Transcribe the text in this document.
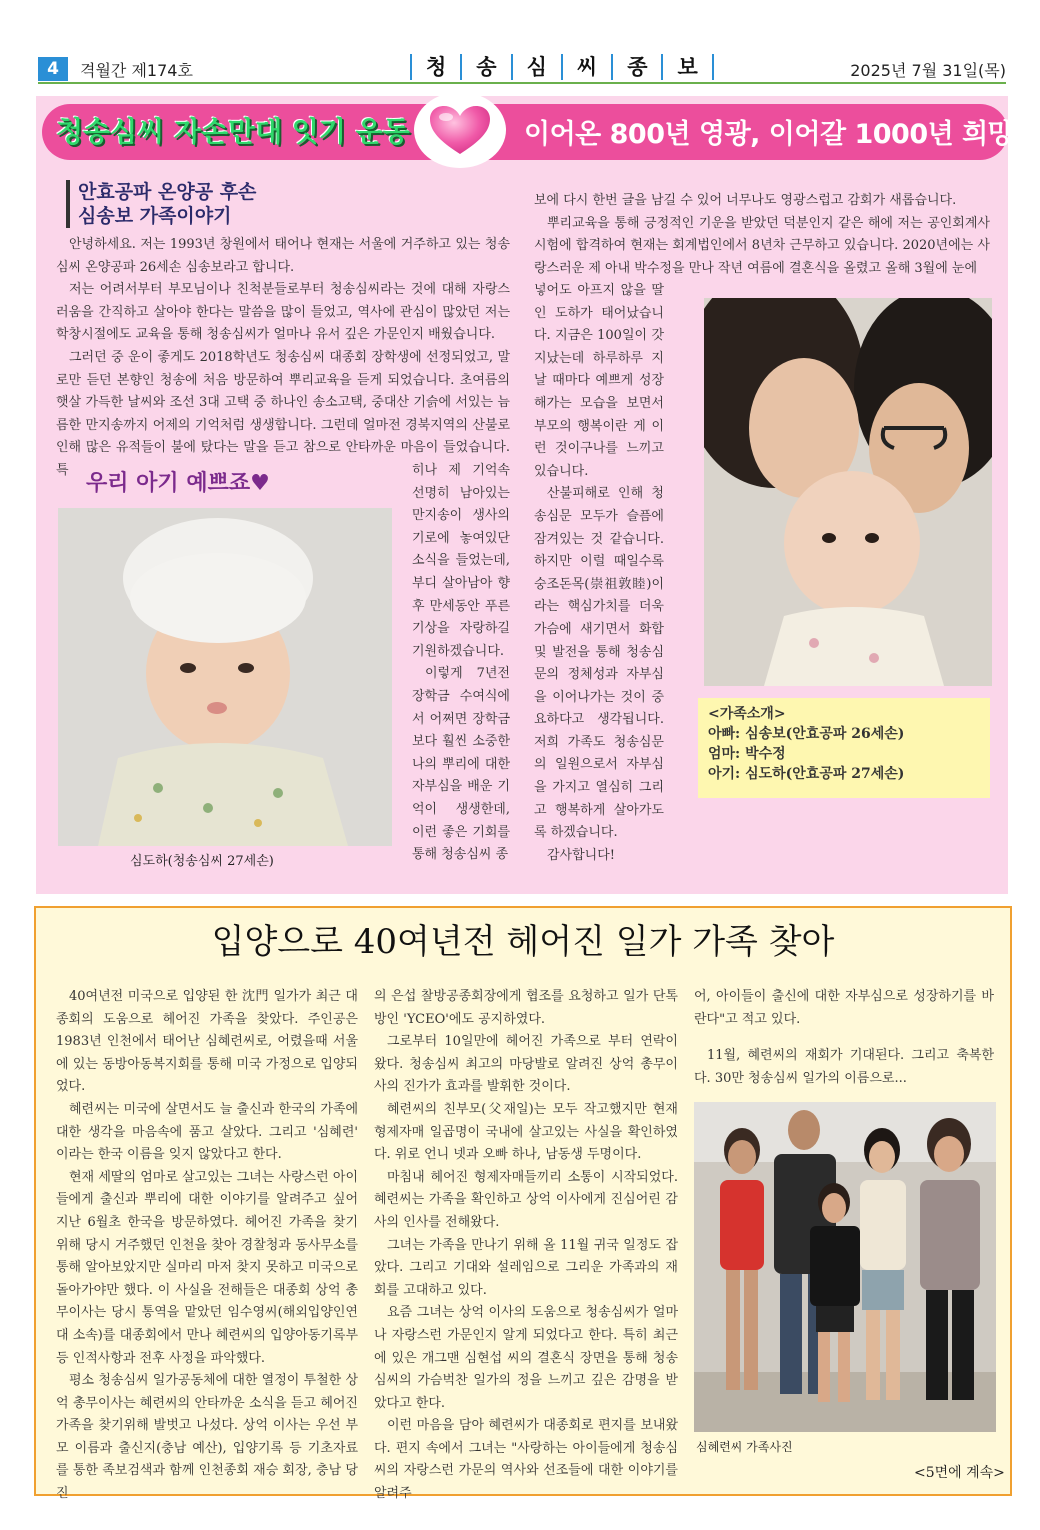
4	격월간 제174호	청	송	심	씨	종	보	2025년 7월 31일(목)
청송심씨 자손만대 잇기 운동	이어온 800년 영광, 이어갈 1000년 희망
안효공파 온양공 후손
심송보 가족이야기

안녕하세요. 저는 1993년 창원에서 태어나 현재는 서울에 거주하고 있는 청송심씨 온양공파 26세손 심송보라고 합니다.

저는 어려서부터 부모님이나 친척분들로부터 청송심씨라는 것에 대해 자랑스러움을 간직하고 살아야 한다는 말씀을 많이 들었고, 역사에 관심이 많았던 저는 학창시절에도 교육을 통해 청송심씨가 얼마나 유서 깊은 가문인지 배웠습니다.

그러던 중 운이 좋게도 2018학년도 청송심씨 대종회 장학생에 선정되었고, 말로만 듣던 본향인 청송에 처음 방문하여 뿌리교육을 듣게 되었습니다. 초여름의 햇살 가득한 날씨와 조선 3대 고택 중 하나인 송소고택, 중대산 기슭에 서있는 늠름한 만지송까지 어제의 기억처럼 생생합니다. 그런데 얼마전 경북지역의 산불로 인해 많은 유적들이 불에 탔다는 말을 듣고 참으로 안타까운 마음이 들었습니다. 특

우리 아기 예쁘죠♥

히나 제 기억속 선명히 남아있는 만지송이 생사의 기로에 놓여있단 소식을 들었는데, 부디 살아남아 향후 만세동안 푸른 기상을 자랑하길 기원하겠습니다.

이렇게 7년전 장학금 수여식에서 어쩌면 장학금보다 훨씬 소중한 나의 뿌리에 대한 자부심을 배운 기억이 생생한데, 이런 좋은 기회를 통해 청송심씨 종

심도하(청송심씨 27세손)

보에 다시 한번 글을 남길 수 있어 너무나도 영광스럽고 감회가 새롭습니다.

뿌리교육을 통해 긍정적인 기운을 받았던 덕분인지 같은 해에 저는 공인회계사 시험에 합격하여 현재는 회계법인에서 8년차 근무하고 있습니다. 2020년에는 사랑스러운 제 아내 박수정을 만나 작년 여름에 결혼식을 올렸고 올해 3월에 눈에

넣어도 아프지 않을 딸인 도하가 태어났습니다. 지금은 100일이 갓 지났는데 하루하루 지날 때마다 예쁘게 성장해가는 모습을 보면서 부모의 행복이란 게 이런 것이구나를 느끼고 있습니다.

산불피해로 인해 청송심문 모두가 슬픔에 잠겨있는 것 같습니다. 하지만 이럴 때일수록 숭조돈목(崇祖敦睦)이라는 핵심가치를 더욱 가슴에 새기면서 화합 및 발전을 통해 청송심문의 정체성과 자부심을 이어나가는 것이 중요하다고 생각됩니다. 저희 가족도 청송심문의 일원으로서 자부심을 가지고 열심히 그리고 행복하게 살아가도록 하겠습니다.

감사합니다!

<가족소개>
아빠: 심송보(안효공파 26세손)
엄마: 박수정
아기: 심도하(안효공파 27세손)
입양으로 40여년전 헤어진 일가 가족 찾아

40여년전 미국으로 입양된 한 沈門 일가가 최근 대종회의 도움으로 헤어진 가족을 찾았다. 주인공은 1983년 인천에서 태어난 심혜련씨로, 어렸을때 서울에 있는 동방아동복지회를 통해 미국 가정으로 입양되었다.

혜련씨는 미국에 살면서도 늘 출신과 한국의 가족에 대한 생각을 마음속에 품고 살았다. 그리고 '심혜련' 이라는 한국 이름을 잊지 않았다고 한다.

현재 세딸의 엄마로 살고있는 그녀는 사랑스런 아이들에게 출신과 뿌리에 대한 이야기를 알려주고 싶어 지난 6월초 한국을 방문하였다. 헤어진 가족을 찾기 위해 당시 거주했던 인천을 찾아 경찰청과 동사무소를 통해 알아보았지만 실마리 마저 찾지 못하고 미국으로 돌아가야만 했다. 이 사실을 전해들은 대종회 상억 총무이사는 당시 통역을 맡았던 임수영씨(해외입양인연대 소속)를 대종회에서 만나 혜련씨의 입양아동기록부 등 인적사항과 전후 사정을 파악했다.

평소 청송심씨 일가공동체에 대한 열정이 투철한 상억 총무이사는 혜련씨의 안타까운 소식을 듣고 헤어진 가족을 찾기위해 발벗고 나섰다. 상억 이사는 우선 부모 이름과 출신지(충남 예산), 입양기록 등 기초자료를 통한 족보검색과 함께 인천종회 재승 회장, 충남 당진

의 은섭 찰방공종회장에게 협조를 요청하고 일가 단톡방인 'YCEO'에도 공지하였다.

그로부터 10일만에 헤어진 가족으로 부터 연락이 왔다. 청송심씨 최고의 마당발로 알려진 상억 총무이사의 진가가 효과를 발휘한 것이다.

혜련씨의 친부모(父재일)는 모두 작고했지만 현재 형제자매 일곱명이 국내에 살고있는 사실을 확인하였다. 위로 언니 넷과 오빠 하나, 남동생 두명이다.

마침내 헤어진 형제자매들끼리 소통이 시작되었다. 혜련씨는 가족을 확인하고 상억 이사에게 진심어린 감사의 인사를 전해왔다.

그녀는 가족을 만나기 위해 올 11월 귀국 일정도 잡았다. 그리고 기대와 설레임으로 그리운 가족과의 재회를 고대하고 있다.

요즘 그녀는 상억 이사의 도움으로 청송심씨가 얼마나 자랑스런 가문인지 알게 되었다고 한다. 특히 최근에 있은 개그맨 심현섭 씨의 결혼식 장면을 통해 청송심씨의 가슴벅찬 일가의 정을 느끼고 깊은 감명을 받았다고 한다.

이런 마음을 담아 혜련씨가 대종회로 편지를 보내왔다. 편지 속에서 그녀는 "사랑하는 아이들에게 청송심씨의 자랑스런 가문의 역사와 선조들에 대한 이야기를 알려주

어, 아이들이 출신에 대한 자부심으로 성장하기를 바란다"고 적고 있다.

11월, 혜련씨의 재회가 기대된다. 그리고 축복한다. 30만 청송심씨 일가의 이름으로...

심혜련씨 가족사진
<5면에 계속>
